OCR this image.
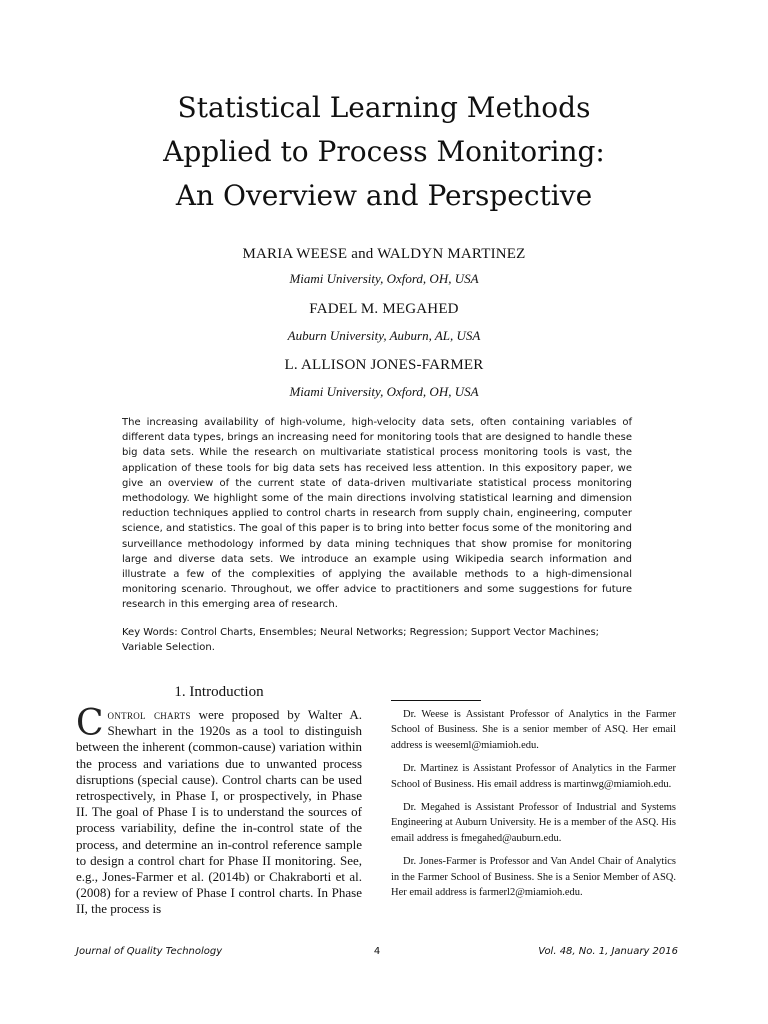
Statistical Learning Methods
Applied to Process Monitoring:
An Overview and Perspective
MARIA WEESE and WALDYN MARTINEZ
Miami University, Oxford, OH, USA
FADEL M. MEGAHED
Auburn University, Auburn, AL, USA
L. ALLISON JONES-FARMER
Miami University, Oxford, OH, USA

The increasing availability of high-volume, high-velocity data sets, often containing variables of different data types, brings an increasing need for monitoring tools that are designed to handle these big data sets. While the research on multivariate statistical process monitoring tools is vast, the application of these tools for big data sets has received less attention. In this expository paper, we give an overview of the current state of data-driven multivariate statistical process monitoring methodology. We highlight some of the main directions involving statistical learning and dimension reduction techniques applied to control charts in research from supply chain, engineering, computer science, and statistics. The goal of this paper is to bring into better focus some of the monitoring and surveillance methodology informed by data mining techniques that show promise for monitoring large and diverse data sets. We introduce an example using Wikipedia search information and illustrate a few of the complexities of applying the available methods to a high-dimensional monitoring scenario. Throughout, we offer advice to practitioners and some suggestions for future research in this emerging area of research.

Key Words: Control Charts, Ensembles; Neural Networks; Regression; Support Vector Machines; Variable Selection.

1. Introduction

Control charts were proposed by Walter A. Shewhart in the 1920s as a tool to distinguish between the inherent (common-cause) variation within the process and variations due to unwanted process disruptions (special cause). Control charts can be used retrospectively, in Phase I, or prospectively, in Phase II. The goal of Phase I is to understand the sources of process variability, define the in-control state of the process, and determine an in-control reference sample to design a control chart for Phase II monitoring. See, e.g., Jones-Farmer et al. (2014b) or Chakraborti et al. (2008) for a review of Phase I control charts. In Phase II, the process is

Dr. Weese is Assistant Professor of Analytics in the Farmer School of Business. She is a senior member of ASQ. Her email address is weeseml@miamioh.edu.

Dr. Martinez is Assistant Professor of Analytics in the Farmer School of Business. His email address is martinwg@miamioh.edu.

Dr. Megahed is Assistant Professor of Industrial and Systems Engineering at Auburn University. He is a member of the ASQ. His email address is fmegahed@auburn.edu.

Dr. Jones-Farmer is Professor and Van Andel Chair of Analytics in the Farmer School of Business. She is a Senior Member of ASQ. Her email address is farmerl2@miamioh.edu.

Journal of Quality Technology	4	Vol. 48, No. 1, January 2016
